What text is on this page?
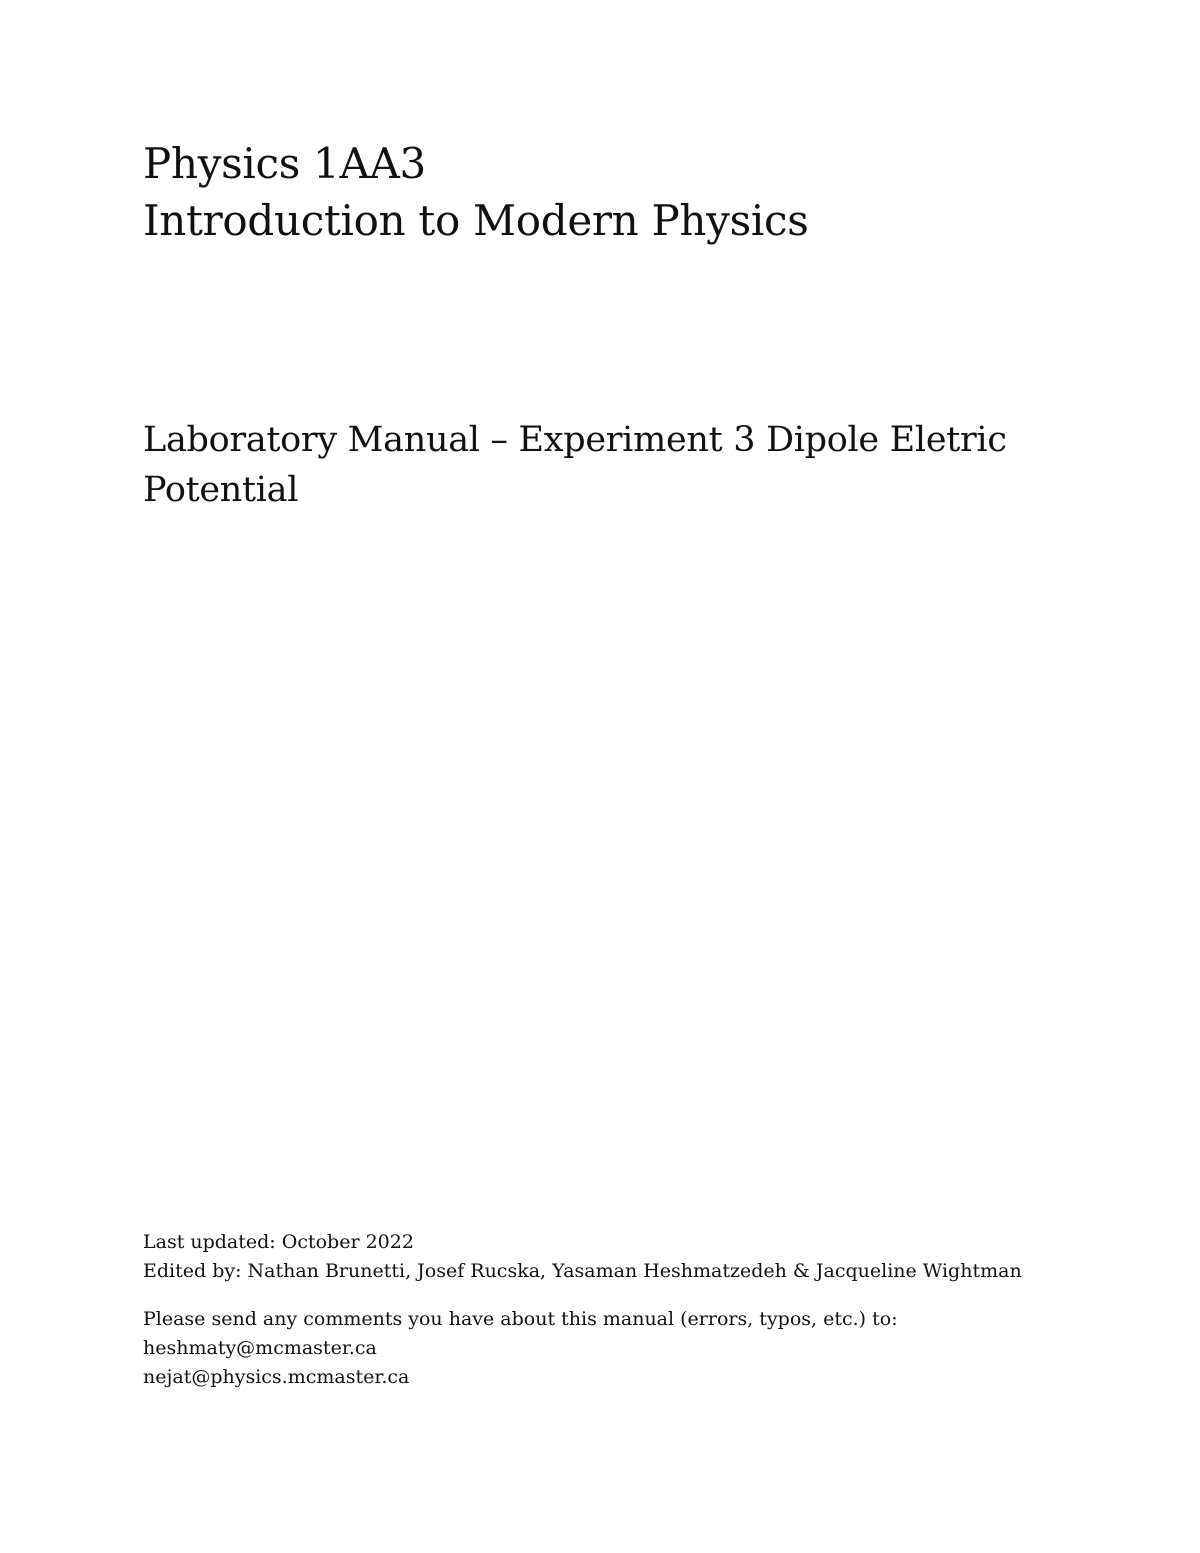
Physics 1AA3
Introduction to Modern Physics
Laboratory Manual – Experiment 3 Dipole Eletric Potential

Last updated: October 2022

Edited by: Nathan Brunetti, Josef Rucska, Yasaman Heshmatzedeh & Jacqueline Wightman

Please send any comments you have about this manual (errors, typos, etc.) to:

heshmaty@mcmaster.ca

nejat@physics.mcmaster.ca
